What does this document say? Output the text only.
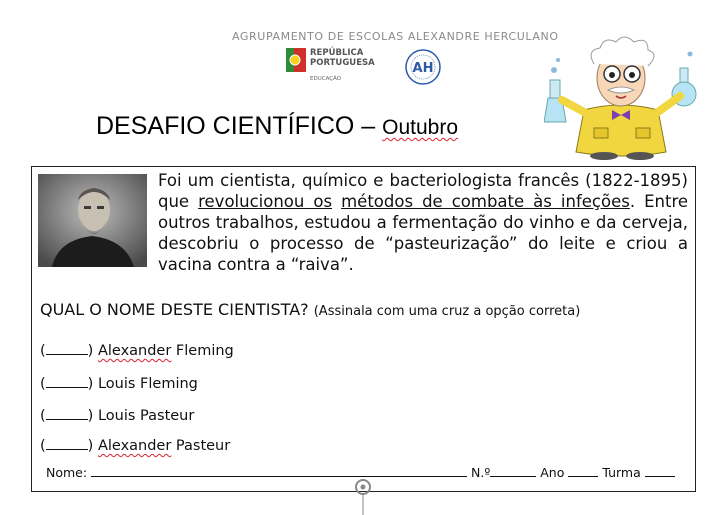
AGRUPAMENTO DE ESCOLAS ALEXANDRE HERCULANO
REPÚBLICA
PORTUGUESA
EDUCAÇÃO
AH
DESAFIO CIENTÍFICO – Outubro
Foi um cientista, químico e bacteriologista francês (1822-1895) que revolucionou os métodos de combate às infeções. Entre outros trabalhos, estudou a fermentação do vinho e da cerveja, descobriu o processo de “pasteurização” do leite e criou a vacina contra a “raiva”.
QUAL O NOME DESTE CIENTISTA? (Assinala com uma cruz a opção correta)
(	) Alexander Fleming
(	) Louis Fleming
(	) Louis Pasteur
(	) Alexander Pasteur
Nome:	N.º	Ano	Turma
